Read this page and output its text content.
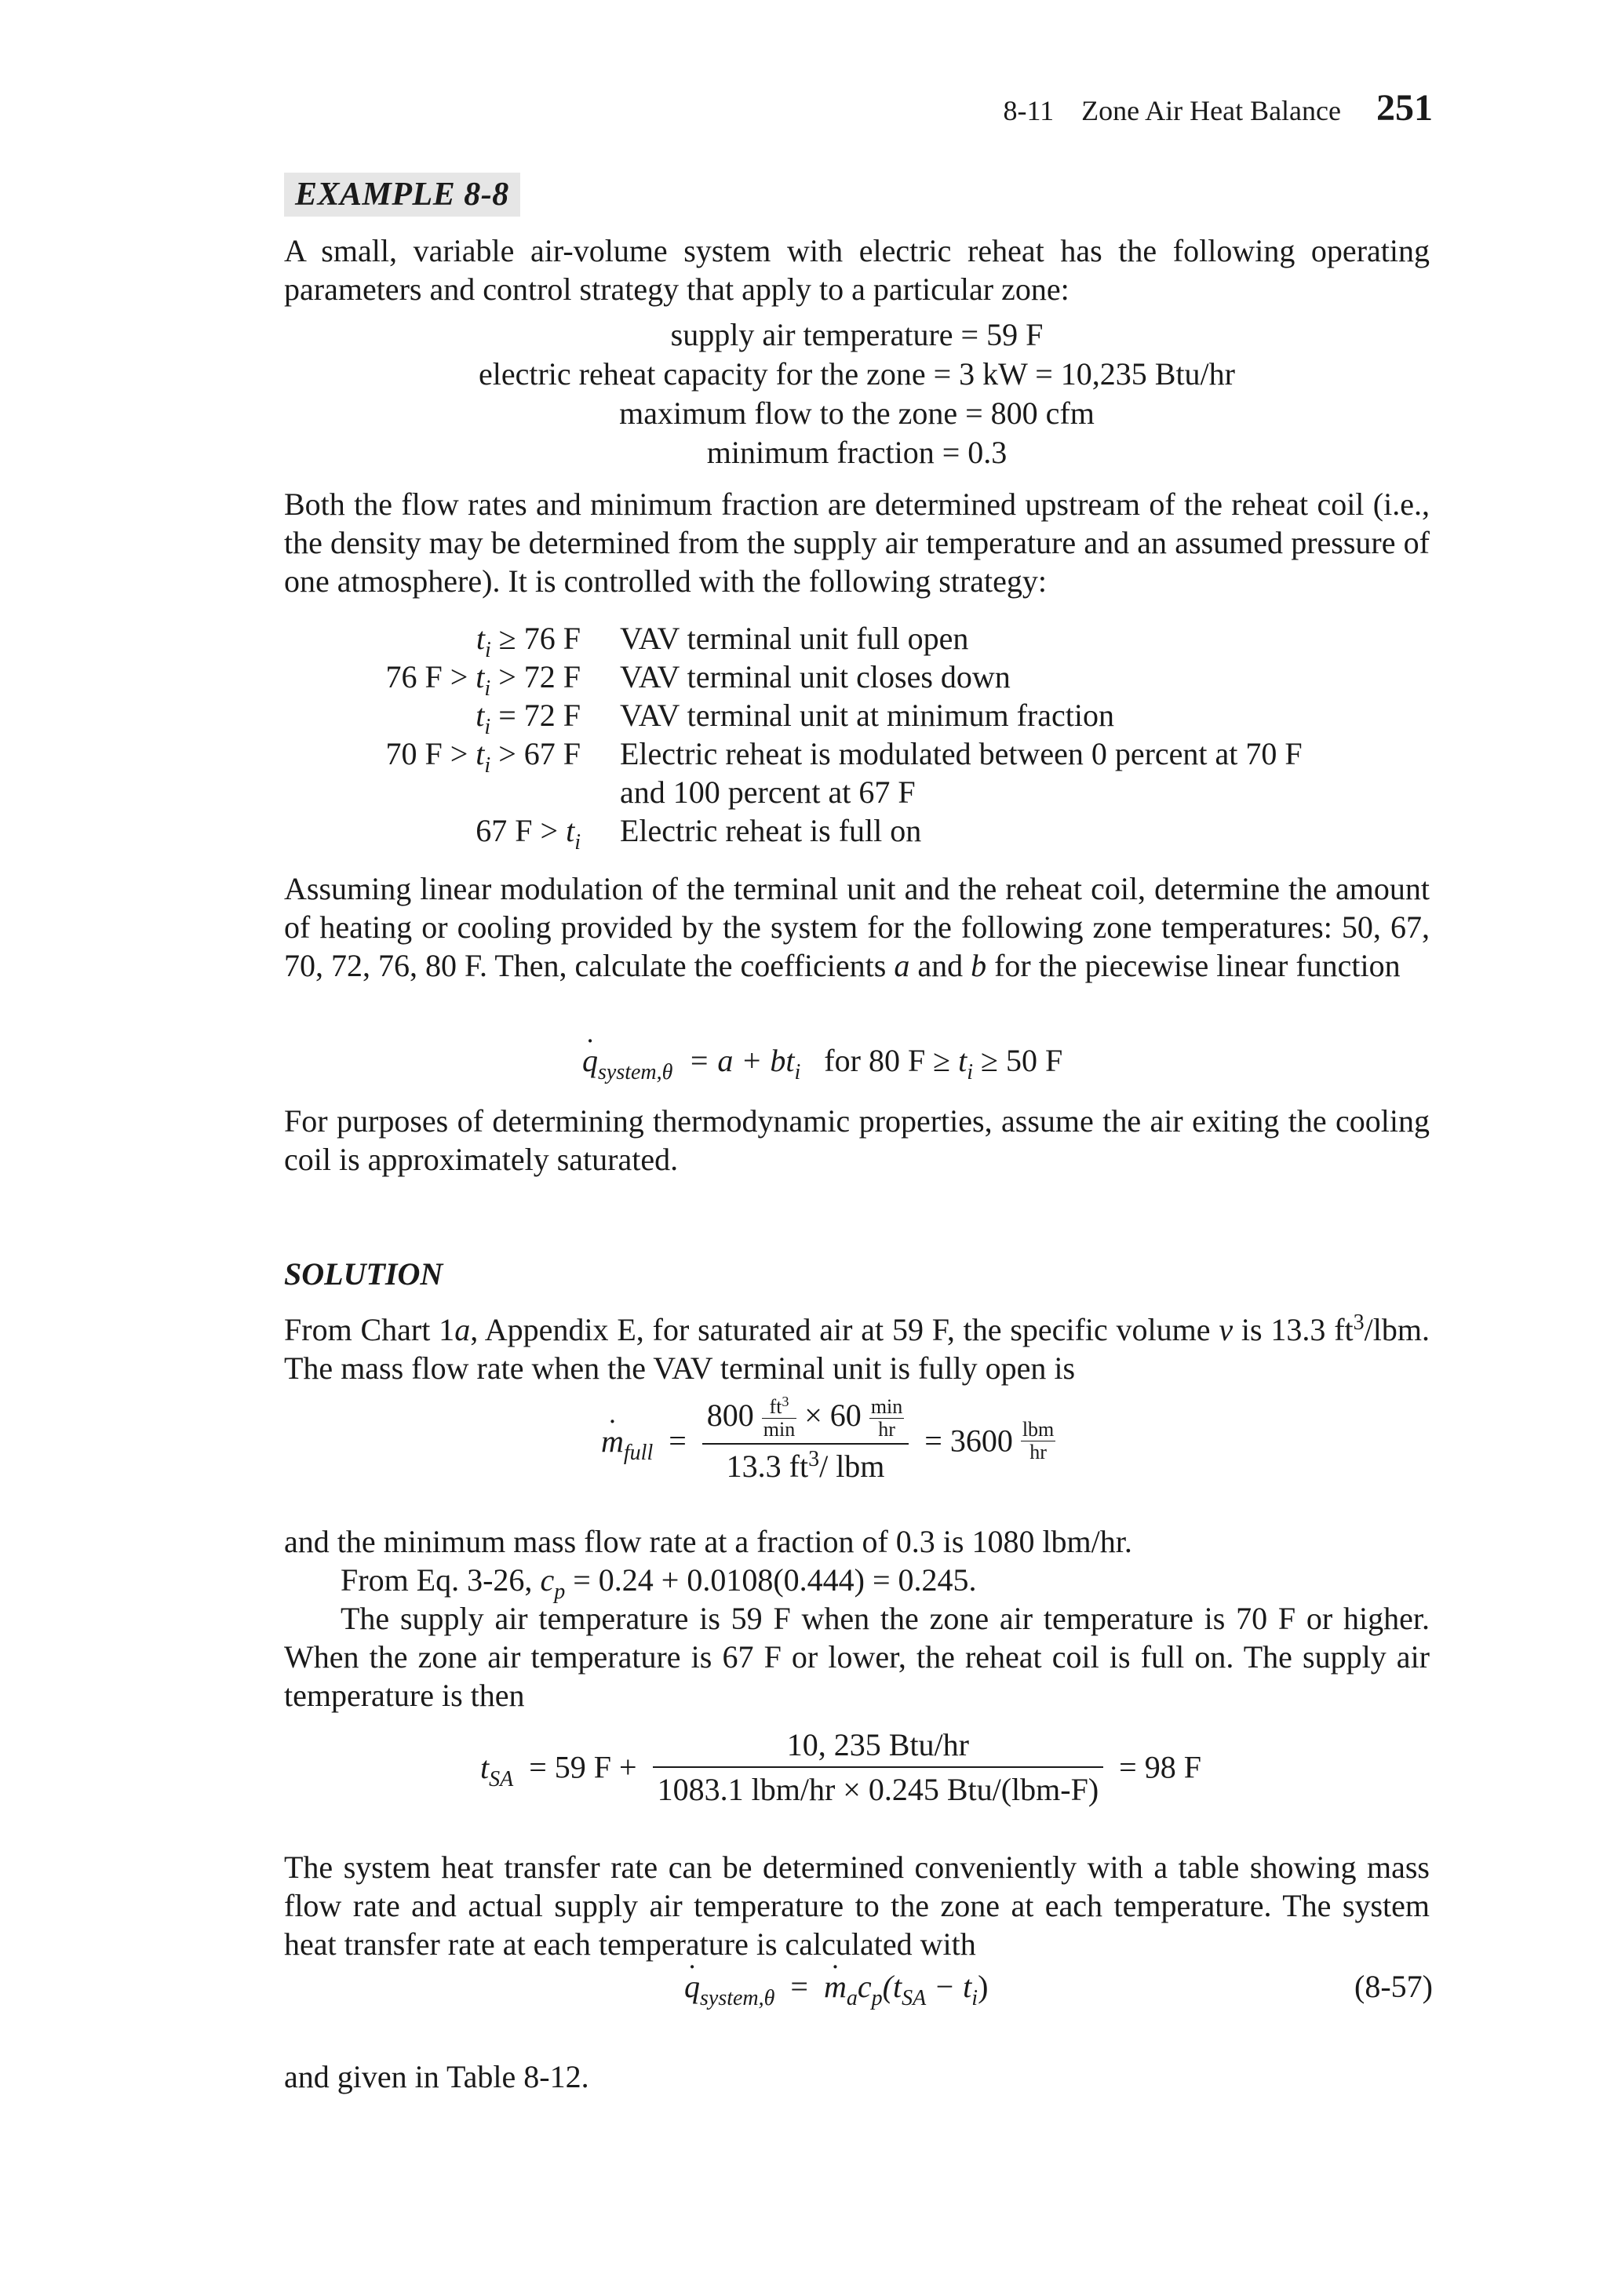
8-11 Zone Air Heat Balance 251
EXAMPLE 8-8

A small, variable air-volume system with electric reheat has the following operating parameters and control strategy that apply to a particular zone:

supply air temperature = 59 F
electric reheat capacity for the zone = 3 kW = 10,235 Btu/hr
maximum flow to the zone = 800 cfm
minimum fraction = 0.3

Both the flow rates and minimum fraction are determined upstream of the reheat coil (i.e., the density may be determined from the supply air temperature and an assumed pressure of one atmosphere). It is controlled with the following strategy:

$t_i \ge 76$ F VAV terminal unit full open
76 $F > t_i > 72$ F VAV terminal unit closes down
$t_i = 72$ F VAV terminal unit at minimum fraction
70 $F > t_i > 67$ F Electric reheat is modulated between 0 percent at 70 F
and 100 percent at 67 F
67 $F > t_i$ Electric reheat is full on

Assuming linear modulation of the terminal unit and the reheat coil, determine the amount of heating or cooling provided by the system for the following zone temperatures: 50, 67, 70, 72, 76, 80 F. Then, calculate the coefficients a and b for the piecewise linear function

˙ $q_{system,\theta} = a + bt_i$ for 80 $F \ge t_i \ge 50$ F

For purposes of determining thermodynamic properties, assume the air exiting the cooling coil is approximately saturated.

SOLUTION

From Chart 1a, Appendix E, for saturated air at 59 F, the specific volume v is 13.3 $ft^3$/lbm. The mass flow rate when the VAV terminal unit is fully open is

˙ $m_{full} = 800$ $ft^3$
min × 60 min
hr
13.3 $ft^3/$ lbm = 3600 lbm
hr

and the minimum mass flow rate at a fraction of 0.3 is 1080 lbm/hr.

From Eq. 3-26, $c_p = 0.24 + 0.0108(0.444) = 0.245$.

The supply air temperature is 59 F when the zone air temperature is 70 F or higher. When the zone air temperature is 67 F or lower, the reheat coil is full on. The supply air temperature is then

$t_{SA} = 59$ $F + \frac{\text{10, 235 Btu/hr}}{\text{1083.1 lbm/hr × 0.245 Btu/(lbm-F)}} = 98$ F

The system heat transfer rate can be determined conveniently with a table showing mass flow rate and actual supply air temperature to the zone at each temperature. The system heat transfer rate at each temperature is calculated with

˙ $q_{system,\theta}$ =  ˙ $m_ac_p(t_{SA} - t_i)$	(8-57)

and given in Table 8-12.
